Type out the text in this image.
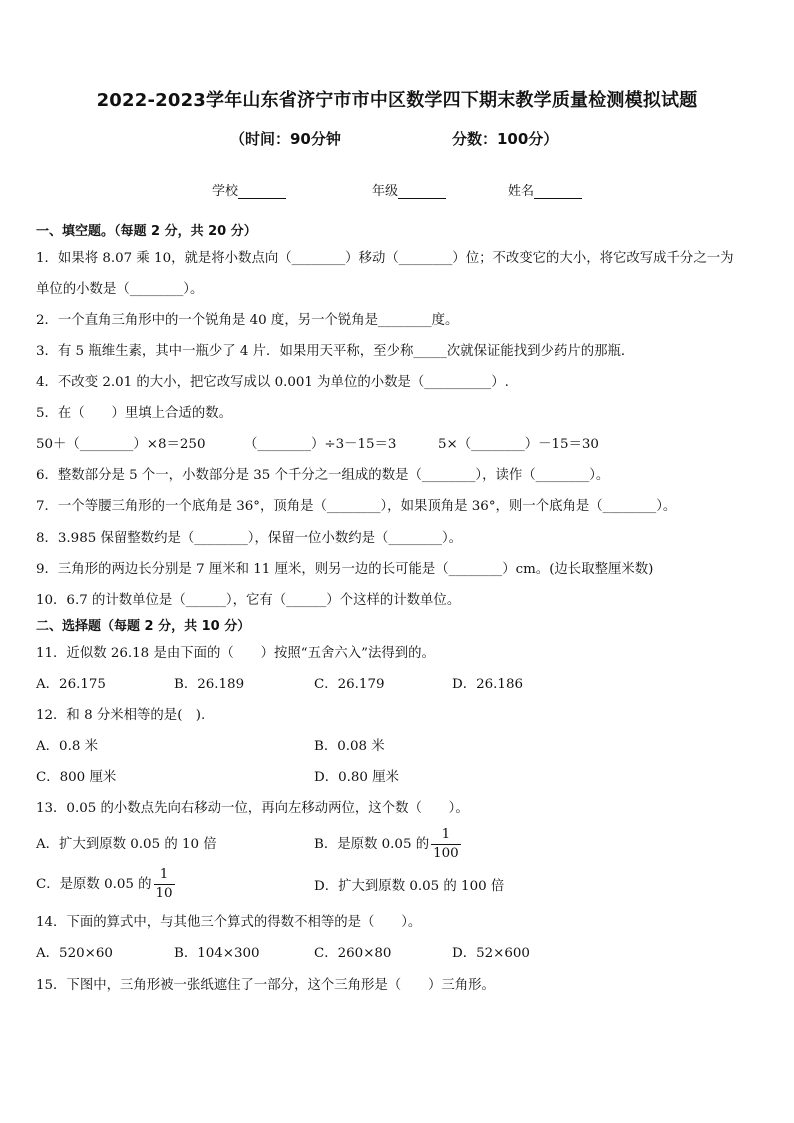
2022-2023学年山东省济宁市市中区数学四下期末教学质量检测模拟试题
（时间：90分钟	分数：100分）
学校	年级	姓名
一、填空题。（每题 2 分，共 20 分）
1．如果将 8.07 乘 10，就是将小数点向（________）移动（________）位；不改变它的大小，将它改写成千分之一为
单位的小数是（________）。
2．一个直角三角形中的一个锐角是 40 度，另一个锐角是________度。
3．有 5 瓶维生素，其中一瓶少了 4 片．如果用天平称，至少称_____次就保证能找到少药片的那瓶．
4．不改变 2.01 的大小，把它改写成以 0.001 为单位的小数是（__________）.
5．在（　　）里填上合适的数。
50＋（________）×8＝250	（________）÷3－15＝3	5×（________）－15＝30
6．整数部分是 5 个一，小数部分是 35 个千分之一组成的数是（________），读作（________）。
7．一个等腰三角形的一个底角是 36°，顶角是（________），如果顶角是 36°，则一个底角是（________）。
8．3.985 保留整数约是（________），保留一位小数约是（________）。
9．三角形的两边长分别是 7 厘米和 11 厘米，则另一边的长可能是（________）cm。(边长取整厘米数)
10．6.7 的计数单位是（______），它有（______）个这样的计数单位。
二、选择题（每题 2 分，共 10 分）
11．近似数 26.18 是由下面的（　　）按照“五舍六入”法得到的。
A．26.175	B．26.189	C．26.179	D．26.186
12．和 8 分米相等的是(　).
A．0.8 米	B．0.08 米
C．800 厘米	D．0.80 厘米
13．0.05 的小数点先向右移动一位，再向左移动两位，这个数（　　）。
A．扩大到原数 0.05 的 10 倍	B．是原数 0.05 的 $\frac{1}{100}$
C．是原数 0.05 的 $\frac{1}{10}$	D．扩大到原数 0.05 的 100 倍
14．下面的算式中，与其他三个算式的得数不相等的是（　　）。
A．520×60	B．104×300	C．260×80	D．52×600
15．下图中，三角形被一张纸遮住了一部分，这个三角形是（　　）三角形。
